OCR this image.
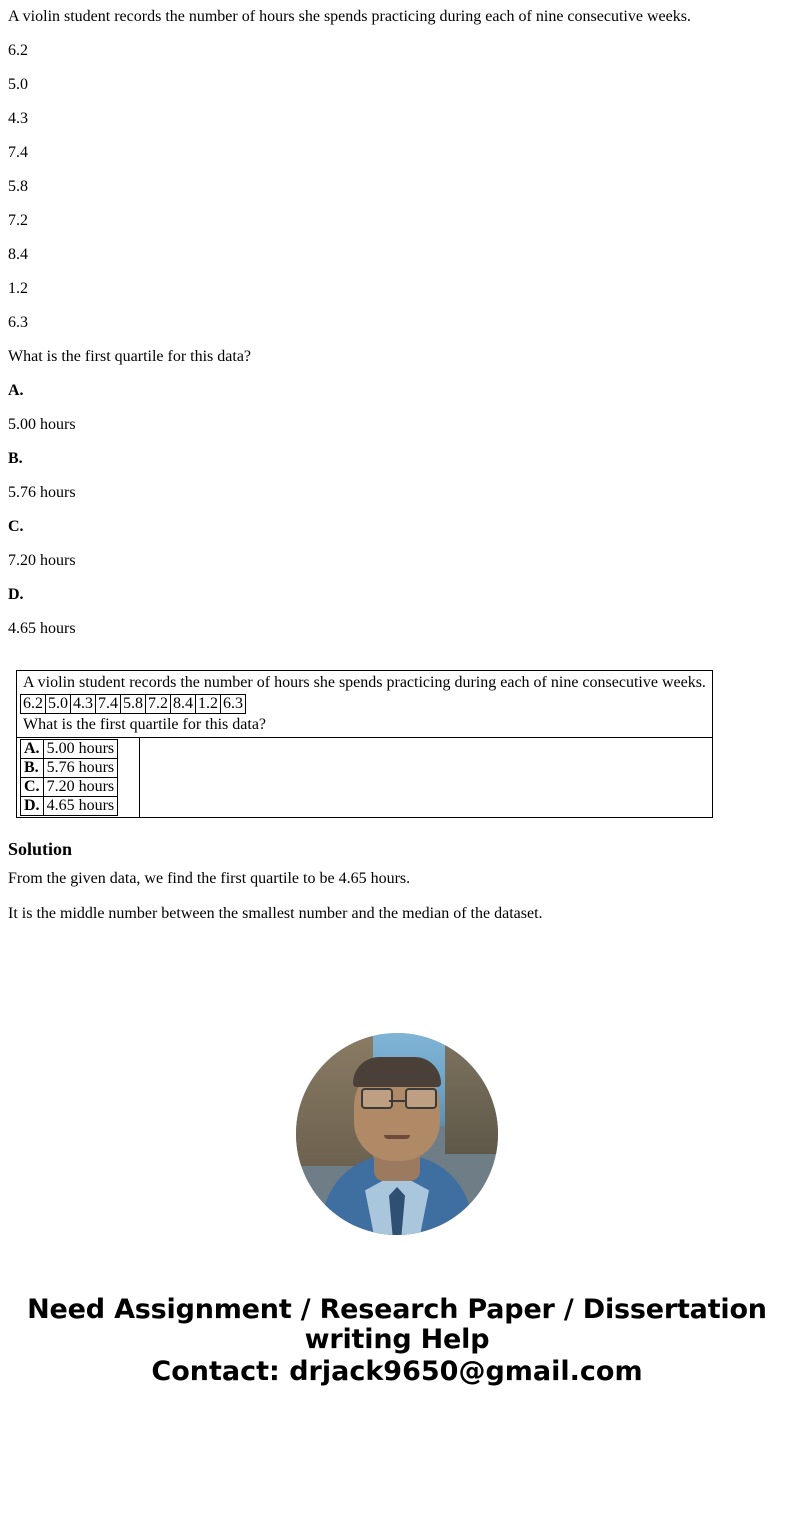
A violin student records the number of hours she spends practicing during each of nine consecutive weeks.
6.2
5.0
4.3
7.4
5.8
7.2
8.4
1.2
6.3
What is the first quartile for this data?
A.
5.00 hours
B.
5.76 hours
C.
7.20 hours
D.
4.65 hours
A violin student records the number of hours she spends practicing during each of nine consecutive weeks.
6.2	5.0	4.3	7.4	5.8	7.2	8.4	1.2	6.3
What is the first quartile for this data?

A.	5.00 hours
B.	5.76 hours
C.	7.20 hours
D.	4.65 hours

Solution

From the given data, we find the first quartile to be 4.65 hours.

It is the middle number between the smallest number and the median of the dataset.

Need Assignment / Research Paper / Dissertation
writing Help
Contact: drjack9650@gmail.com
